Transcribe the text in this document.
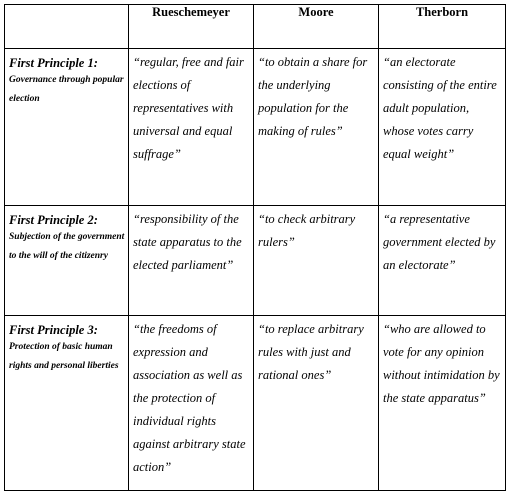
	Rueschemeyer	Moore	Therborn

First Principle 1:
Governance through popular election	“regular, free and fair elections of representatives with universal and equal suffrage”	“to obtain a share for the underlying population for the making of rules”	“an electorate consisting of the entire adult population, whose votes carry equal weight”

First Principle 2:
Subjection of the government to the will of the citizenry	“responsibility of the state apparatus to the elected parliament”	“to check arbitrary rulers”	“a representative government elected by an electorate”

First Principle 3:
Protection of basic human rights and personal liberties	“the freedoms of expression and association as well as the protection of individual rights against arbitrary state action”	“to replace arbitrary rules with just and rational ones”	“who are allowed to vote for any opinion without intimidation by the state apparatus”
